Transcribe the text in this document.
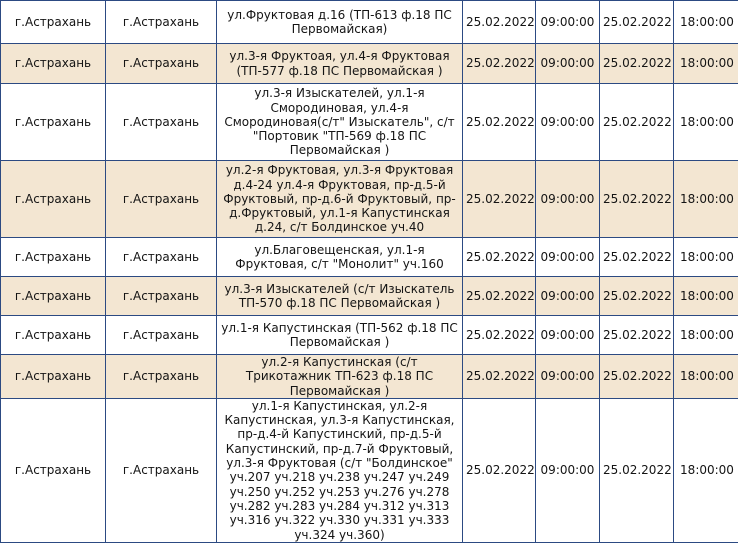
г.Астрахань	г.Астрахань	ул.Фруктовая д.16 (ТП-613 ф.18 ПС Первомайская)	25.02.2022	09:00:00	25.02.2022	18:00:00
г.Астрахань	г.Астрахань	ул.3-я Фруктоая, ул.4-я Фруктовая (ТП-577 ф.18 ПС Первомайская )	25.02.2022	09:00:00	25.02.2022	18:00:00
г.Астрахань	г.Астрахань	ул.3-я Изыскателей, ул.1-я Смородиновая, ул.4-я Смородиновая(с/т" Изыскатель", с/т "Портовик "ТП-569 ф.18 ПС Первомайская )	25.02.2022	09:00:00	25.02.2022	18:00:00
г.Астрахань	г.Астрахань	ул.2-я Фруктовая, ул.3-я Фруктовая д.4-24 ул.4-я Фруктовая, пр-д.5-й Фруктовый, пр-д.6-й Фруктовый, пр-д.Фруктовый, ул.1-я Капустинская д.24, с/т Болдинское уч.40	25.02.2022	09:00:00	25.02.2022	18:00:00
г.Астрахань	г.Астрахань	ул.Благовещенская, ул.1-я Фруктовая, с/т "Монолит" уч.160	25.02.2022	09:00:00	25.02.2022	18:00:00
г.Астрахань	г.Астрахань	ул.3-я Изыскателей (с/т Изыскатель ТП-570 ф.18 ПС Первомайская )	25.02.2022	09:00:00	25.02.2022	18:00:00
г.Астрахань	г.Астрахань	ул.1-я Капустинская (ТП-562 ф.18 ПС Первомайская )	25.02.2022	09:00:00	25.02.2022	18:00:00
г.Астрахань	г.Астрахань	ул.2-я Капустинская (с/т Трикотажник ТП-623 ф.18 ПС Первомайская )	25.02.2022	09:00:00	25.02.2022	18:00:00
г.Астрахань	г.Астрахань	ул.1-я Капустинская, ул.2-я Капустинская, ул.3-я Капустинская, пр-д.4-й Капустинский, пр-д.5-й Капустинский, пр-д.7-й Фруктовый, ул.3-я Фруктовая (с/т "Болдинское" уч.207 уч.218 уч.238 уч.247 уч.249 уч.250 уч.252 уч.253 уч.276 уч.278 уч.282 уч.283 уч.284 уч.312 уч.313 уч.316 уч.322 уч.330 уч.331 уч.333 уч.324 уч.360)	25.02.2022	09:00:00	25.02.2022	18:00:00
